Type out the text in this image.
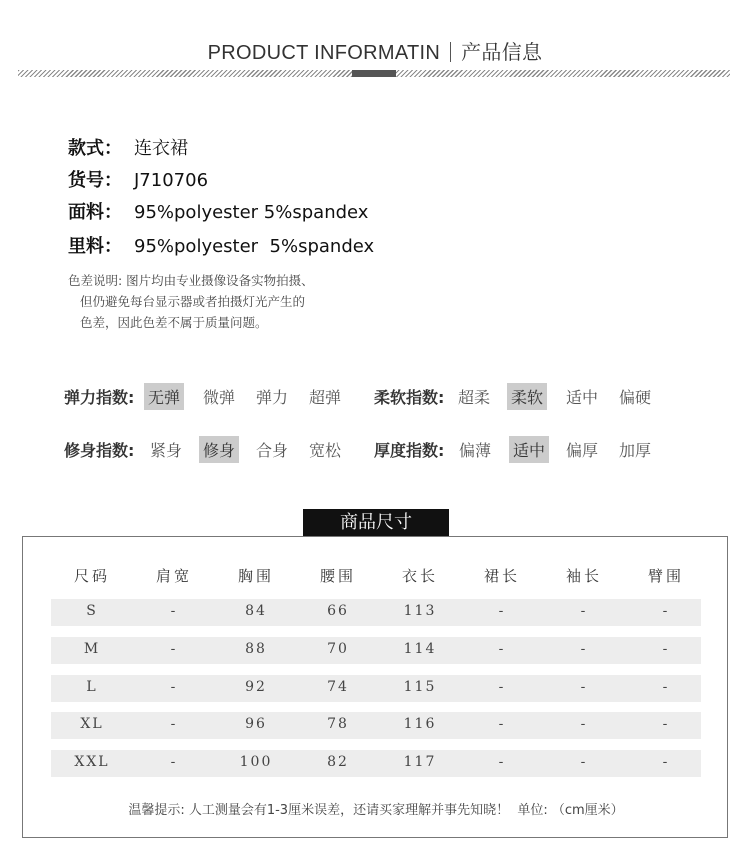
PRODUCT INFORMATIN 产品信息
款式： 连衣裙
货号： J710706
面料： 95%polyester 5%spandex
里料： 95%polyester  5%spandex
色差说明: 图片均由专业摄像设备实物拍摄、
但仍避免每台显示器或者拍摄灯光产生的
色差，因此色差不属于质量问题。
弹力指数: 无弹 微弹 弹力 超弹 柔软指数: 超柔 柔软 适中 偏硬
修身指数: 紧身 修身 合身 宽松 厚度指数: 偏薄 适中 偏厚 加厚
商品尺寸
尺码	肩宽	胸围	腰围	衣长	裙长	袖长	臂围
S	-	84	66	113	-	-	-
M	-	88	70	114	-	-	-
L	-	92	74	115	-	-	-
XL	-	96	78	116	-	-	-
XXL	-	100	82	117	-	-	-
温馨提示: 人工测量会有1-3厘米误差，还请买家理解并事先知晓！  单位: （cm厘米）
